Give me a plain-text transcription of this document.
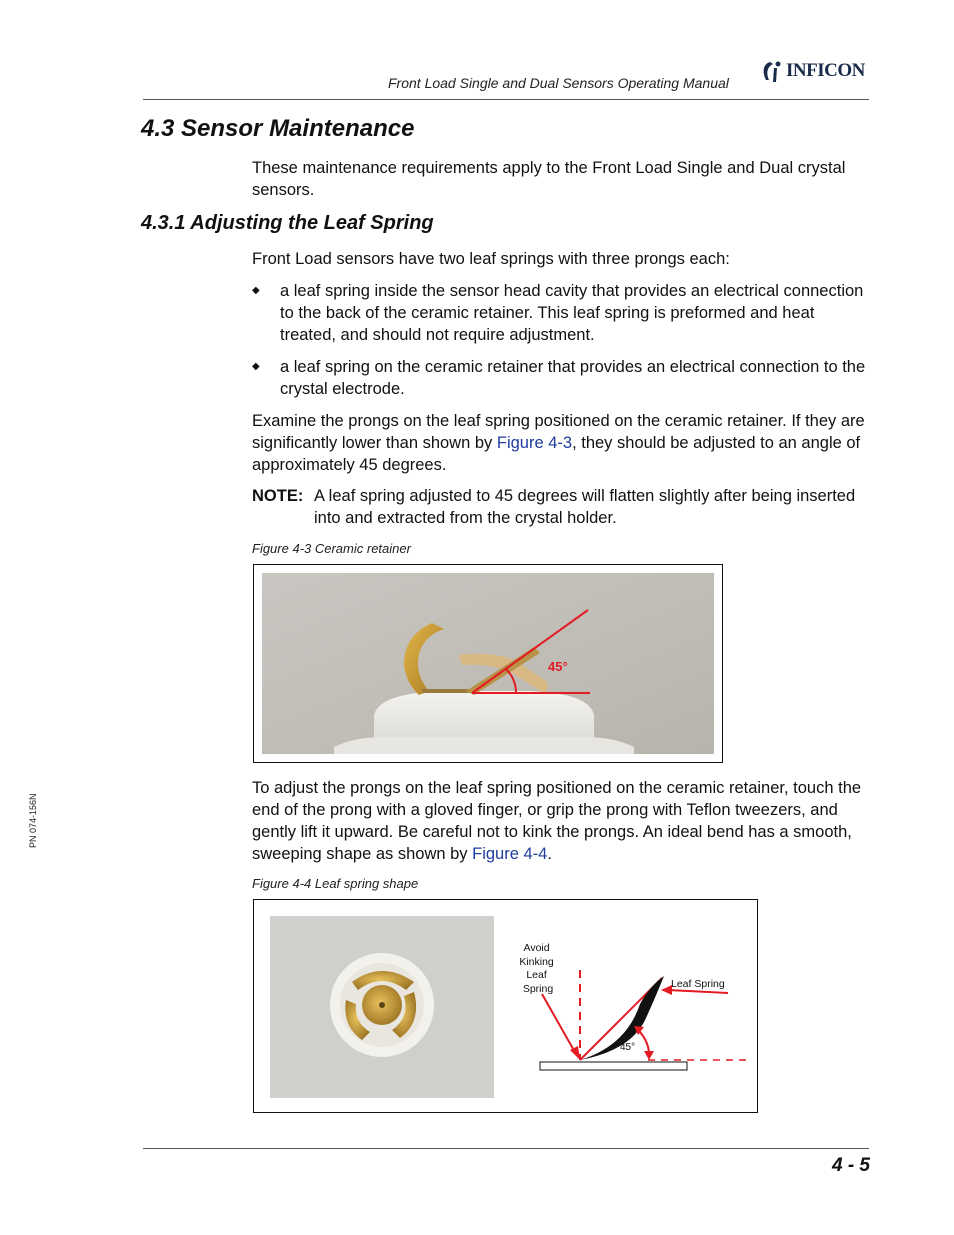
Front Load Single and Dual Sensors Operating Manual
INFICON
4.3 Sensor Maintenance
These maintenance requirements apply to the Front Load Single and Dual crystal sensors.
4.3.1 Adjusting the Leaf Spring
Front Load sensors have two leaf springs with three prongs each:
◆ a leaf spring inside the sensor head cavity that provides an electrical connection to the back of the ceramic retainer. This leaf spring is preformed and heat treated, and should not require adjustment.
◆ a leaf spring on the ceramic retainer that provides an electrical connection to the crystal electrode.
Examine the prongs on the leaf spring positioned on the ceramic retainer. If they are significantly lower than shown by Figure 4-3, they should be adjusted to an angle of approximately 45 degrees.
NOTE: A leaf spring adjusted to 45 degrees will flatten slightly after being inserted into and extracted from the crystal holder.
Figure 4-3 Ceramic retainer
45°
To adjust the prongs on the leaf spring positioned on the ceramic retainer, touch the end of the prong with a gloved finger, or grip the prong with Teflon tweezers, and gently lift it upward. Be careful not to kink the prongs. An ideal bend has a smooth, sweeping shape as shown by Figure 4-4.
Figure 4-4 Leaf spring shape
Avoid Kinking Leaf Spring	Leaf Spring
45°
PN 074-156N
4 - 5
